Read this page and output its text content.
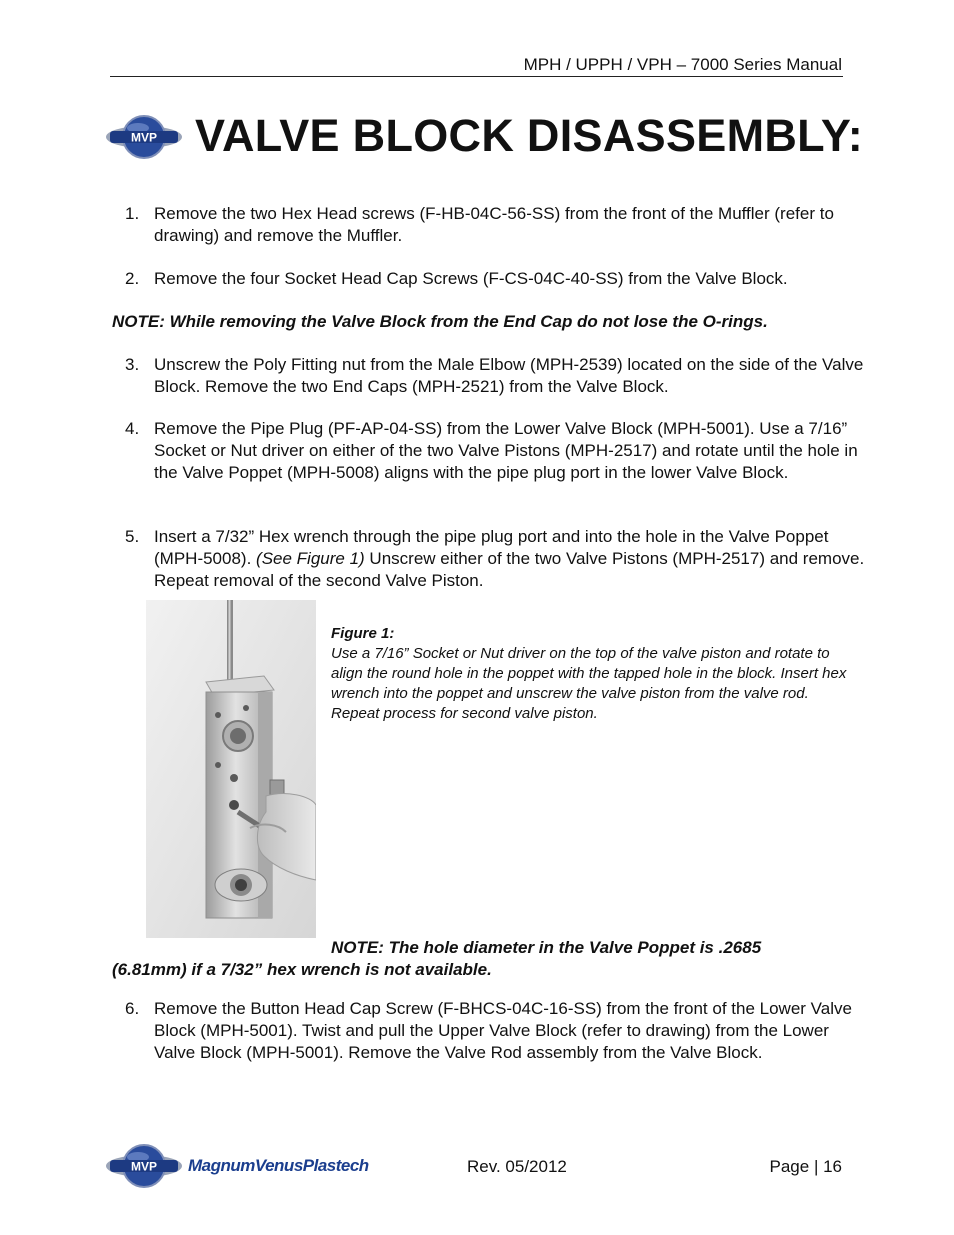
MPH / UPPH / VPH – 7000 Series Manual
MVP VALVE BLOCK DISASSEMBLY:
1. Remove the two Hex Head screws (F-HB-04C-56-SS) from the front of the Muffler (refer to drawing) and remove the Muffler.
2. Remove the four Socket Head Cap Screws (F-CS-04C-40-SS) from the Valve Block.
NOTE: While removing the Valve Block from the End Cap do not lose the O-rings.
3. Unscrew the Poly Fitting nut from the Male Elbow (MPH-2539) located on the side of the Valve Block. Remove the two End Caps (MPH-2521) from the Valve Block.
4. Remove the Pipe Plug (PF-AP-04-SS) from the Lower Valve Block (MPH-5001). Use a 7/16” Socket or Nut driver on either of the two Valve Pistons (MPH-2517) and rotate until the hole in the Valve Poppet (MPH-5008) aligns with the pipe plug port in the lower Valve Block.
5. Insert a 7/32” Hex wrench through the pipe plug port and into the hole in the Valve Poppet (MPH-5008). (See Figure 1) Unscrew either of the two Valve Pistons (MPH-2517) and remove. Repeat removal of the second Valve Piston.
Figure 1:
Use a 7/16” Socket or Nut driver on the top of the valve piston and rotate to align the round hole in the poppet with the tapped hole in the block. Insert hex wrench into the poppet and unscrew the valve piston from the valve rod. Repeat process for second valve piston.
NOTE: The hole diameter in the Valve Poppet is .2685
(6.81mm) if a 7/32” hex wrench is not available.
6. Remove the Button Head Cap Screw (F-BHCS-04C-16-SS) from the front of the Lower Valve Block (MPH-5001). Twist and pull the Upper Valve Block (refer to drawing) from the Lower Valve Block (MPH-5001). Remove the Valve Rod assembly from the Valve Block.
MVP MagnumVenusPlastech	Rev. 05/2012	Page | 16
